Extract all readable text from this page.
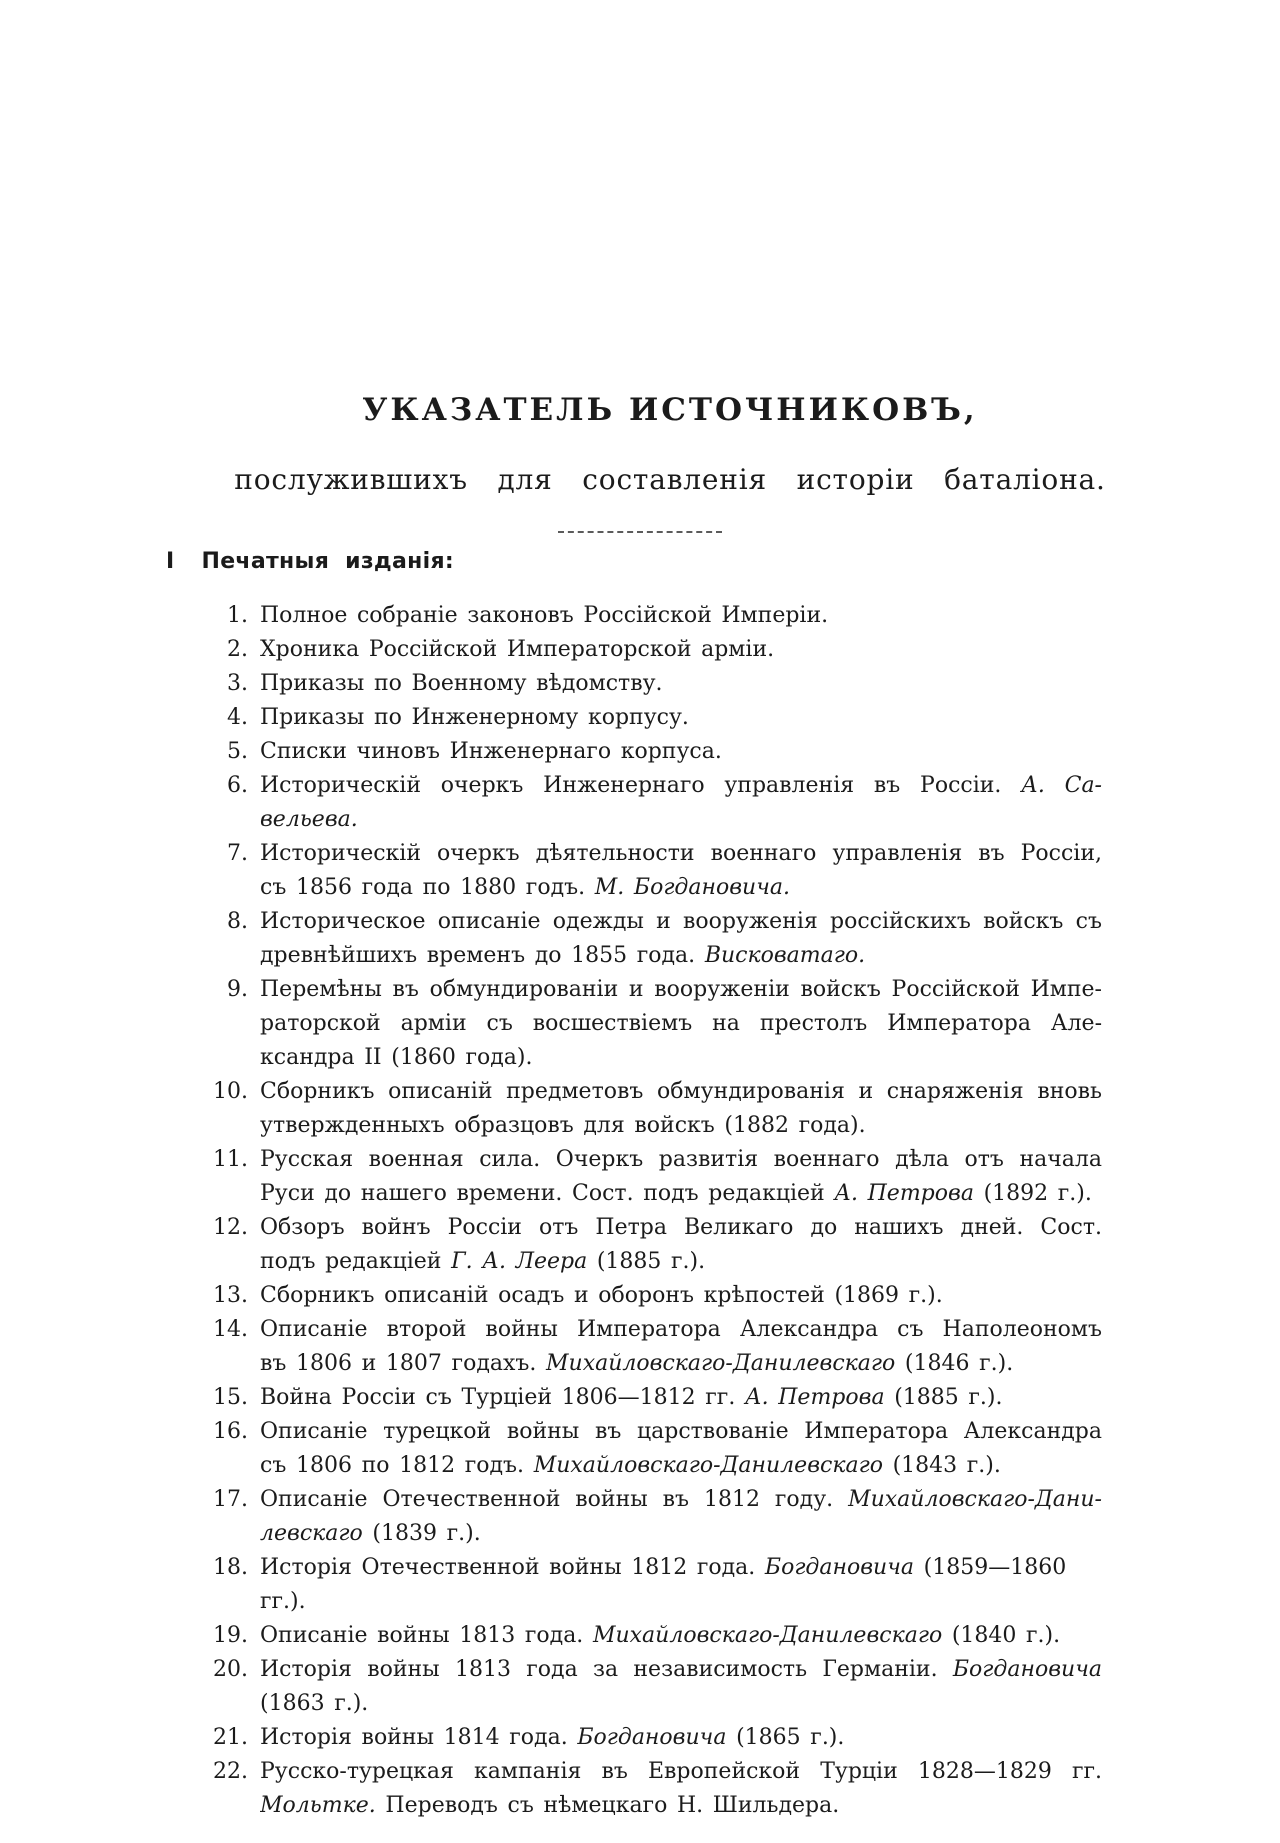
УКАЗАТЕЛЬ ИСТОЧНИКОВЪ,
послужившихъ для составленія исторіи баталіона.
I Печатныя изданія:
1. Полное собраніе законовъ Россійской Имперіи.
2. Хроника Россійской Императорской арміи.
3. Приказы по Военному вѣдомству.
4. Приказы по Инженерному корпусу.
5. Списки чиновъ Инженернаго корпуса.
6. Историческій очеркъ Инженернаго управленія въ Россіи. А. Са-
вельева.
7. Историческій очеркъ дѣятельности военнаго управленія въ Россіи,
съ 1856 года по 1880 годъ. М. Богдановича.
8. Историческое описаніе одежды и вооруженія россійскихъ войскъ съ
древнѣйшихъ временъ до 1855 года. Висковатаго.
9. Перемѣны въ обмундированіи и вооруженіи войскъ Россійской Импе-
раторской арміи съ восшествіемъ на престолъ Императора Але-
ксандра II (1860 года).
10. Сборникъ описаній предметовъ обмундированія и снаряженія вновь
утвержденныхъ образцовъ для войскъ (1882 года).
11. Русская военная сила. Очеркъ развитія военнаго дѣла отъ начала
Руси до нашего времени. Сост. подъ редакціей А. Петрова (1892 г.).
12. Обзоръ войнъ Россіи отъ Петра Великаго до нашихъ дней. Сост.
подъ редакціей Г. А. Леера (1885 г.).
13. Сборникъ описаній осадъ и оборонъ крѣпостей (1869 г.).
14. Описаніе второй войны Императора Александра съ Наполеономъ
въ 1806 и 1807 годахъ. Михайловскаго-Данилевскаго (1846 г.).
15. Война Россіи съ Турціей 1806—1812 гг. А. Петрова (1885 г.).
16. Описаніе турецкой войны въ царствованіе Императора Александра
съ 1806 по 1812 годъ. Михайловскаго-Данилевскаго (1843 г.).
17. Описаніе Отечественной войны въ 1812 году. Михайловскаго-Дани-
левскаго (1839 г.).
18. Исторія Отечественной войны 1812 года. Богдановича (1859—1860 гг.).
19. Описаніе войны 1813 года. Михайловскаго-Данилевскаго (1840 г.).
20. Исторія войны 1813 года за независимость Германіи. Богдановича
(1863 г.).
21. Исторія войны 1814 года. Богдановича (1865 г.).
22. Русско-турецкая кампанія въ Европейской Турціи 1828—1829 гг.
Мольтке. Переводъ съ нѣмецкаго Н. Шильдера.
